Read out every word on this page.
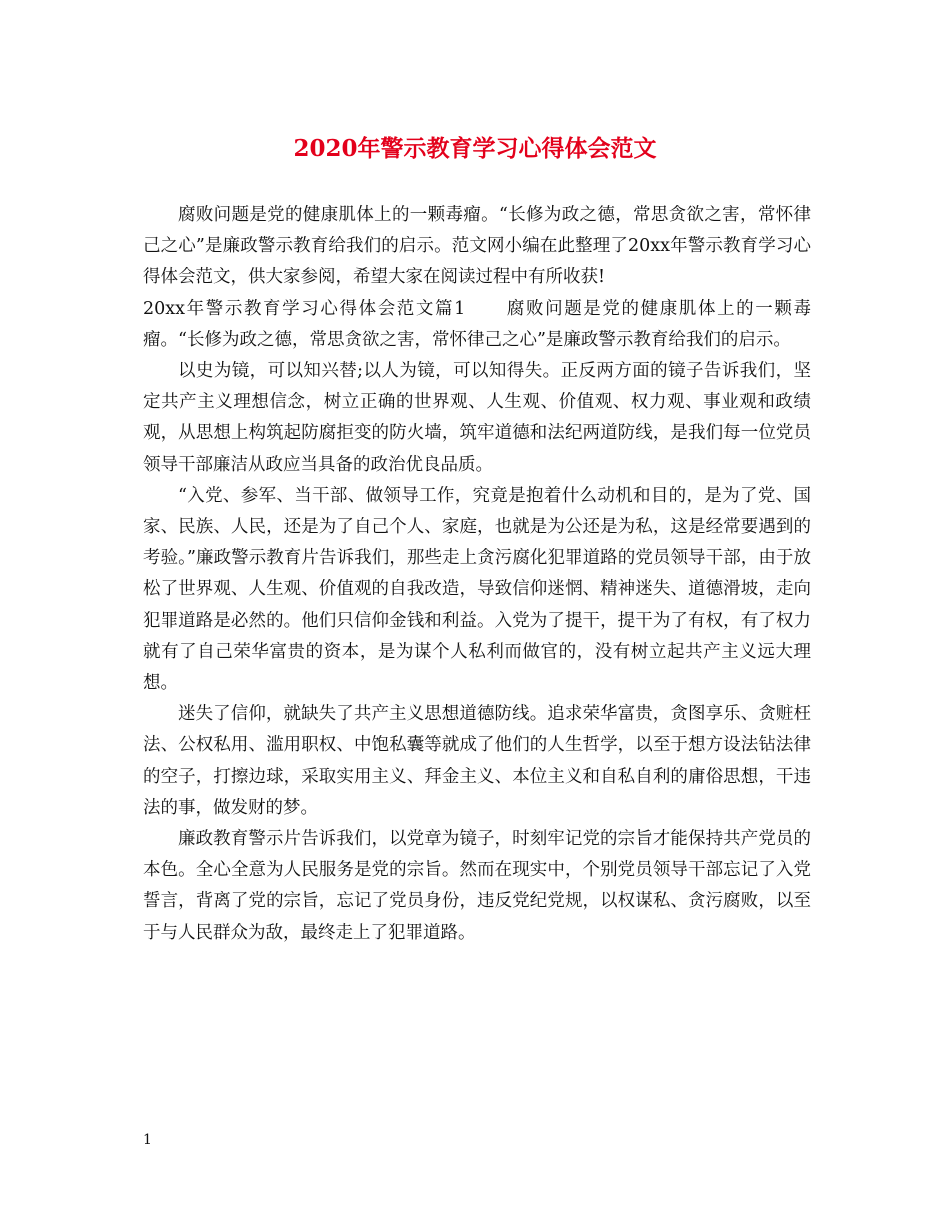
2020年警示教育学习心得体会范文

腐败问题是党的健康肌体上的一颗毒瘤。“长修为政之德，常思贪欲之害，常怀律己之心”是廉政警示教育给我们的启示。范文网小编在此整理了20xx年警示教育学习心得体会范文，供大家参阅，希望大家在阅读过程中有所收获!

20xx年警示教育学习心得体会范文篇1 腐败问题是党的健康肌体上的一颗毒瘤。“长修为政之德，常思贪欲之害，常怀律己之心”是廉政警示教育给我们的启示。

以史为镜，可以知兴替;以人为镜，可以知得失。正反两方面的镜子告诉我们，坚定共产主义理想信念，树立正确的世界观、人生观、价值观、权力观、事业观和政绩观，从思想上构筑起防腐拒变的防火墙，筑牢道德和法纪两道防线，是我们每一位党员领导干部廉洁从政应当具备的政治优良品质。

“入党、参军、当干部、做领导工作，究竟是抱着什么动机和目的，是为了党、国家、民族、人民，还是为了自己个人、家庭，也就是为公还是为私，这是经常要遇到的考验。”廉政警示教育片告诉我们，那些走上贪污腐化犯罪道路的党员领导干部，由于放松了世界观、人生观、价值观的自我改造，导致信仰迷惘、精神迷失、道德滑坡，走向犯罪道路是必然的。他们只信仰金钱和利益。入党为了提干，提干为了有权，有了权力就有了自己荣华富贵的资本，是为谋个人私利而做官的，没有树立起共产主义远大理想。

迷失了信仰，就缺失了共产主义思想道德防线。追求荣华富贵，贪图享乐、贪赃枉法、公权私用、滥用职权、中饱私囊等就成了他们的人生哲学，以至于想方设法钻法律的空子，打擦边球，采取实用主义、拜金主义、本位主义和自私自利的庸俗思想，干违法的事，做发财的梦。

廉政教育警示片告诉我们，以党章为镜子，时刻牢记党的宗旨才能保持共产党员的本色。全心全意为人民服务是党的宗旨。然而在现实中，个别党员领导干部忘记了入党誓言，背离了党的宗旨，忘记了党员身份，违反党纪党规，以权谋私、贪污腐败，以至于与人民群众为敌，最终走上了犯罪道路。

1
